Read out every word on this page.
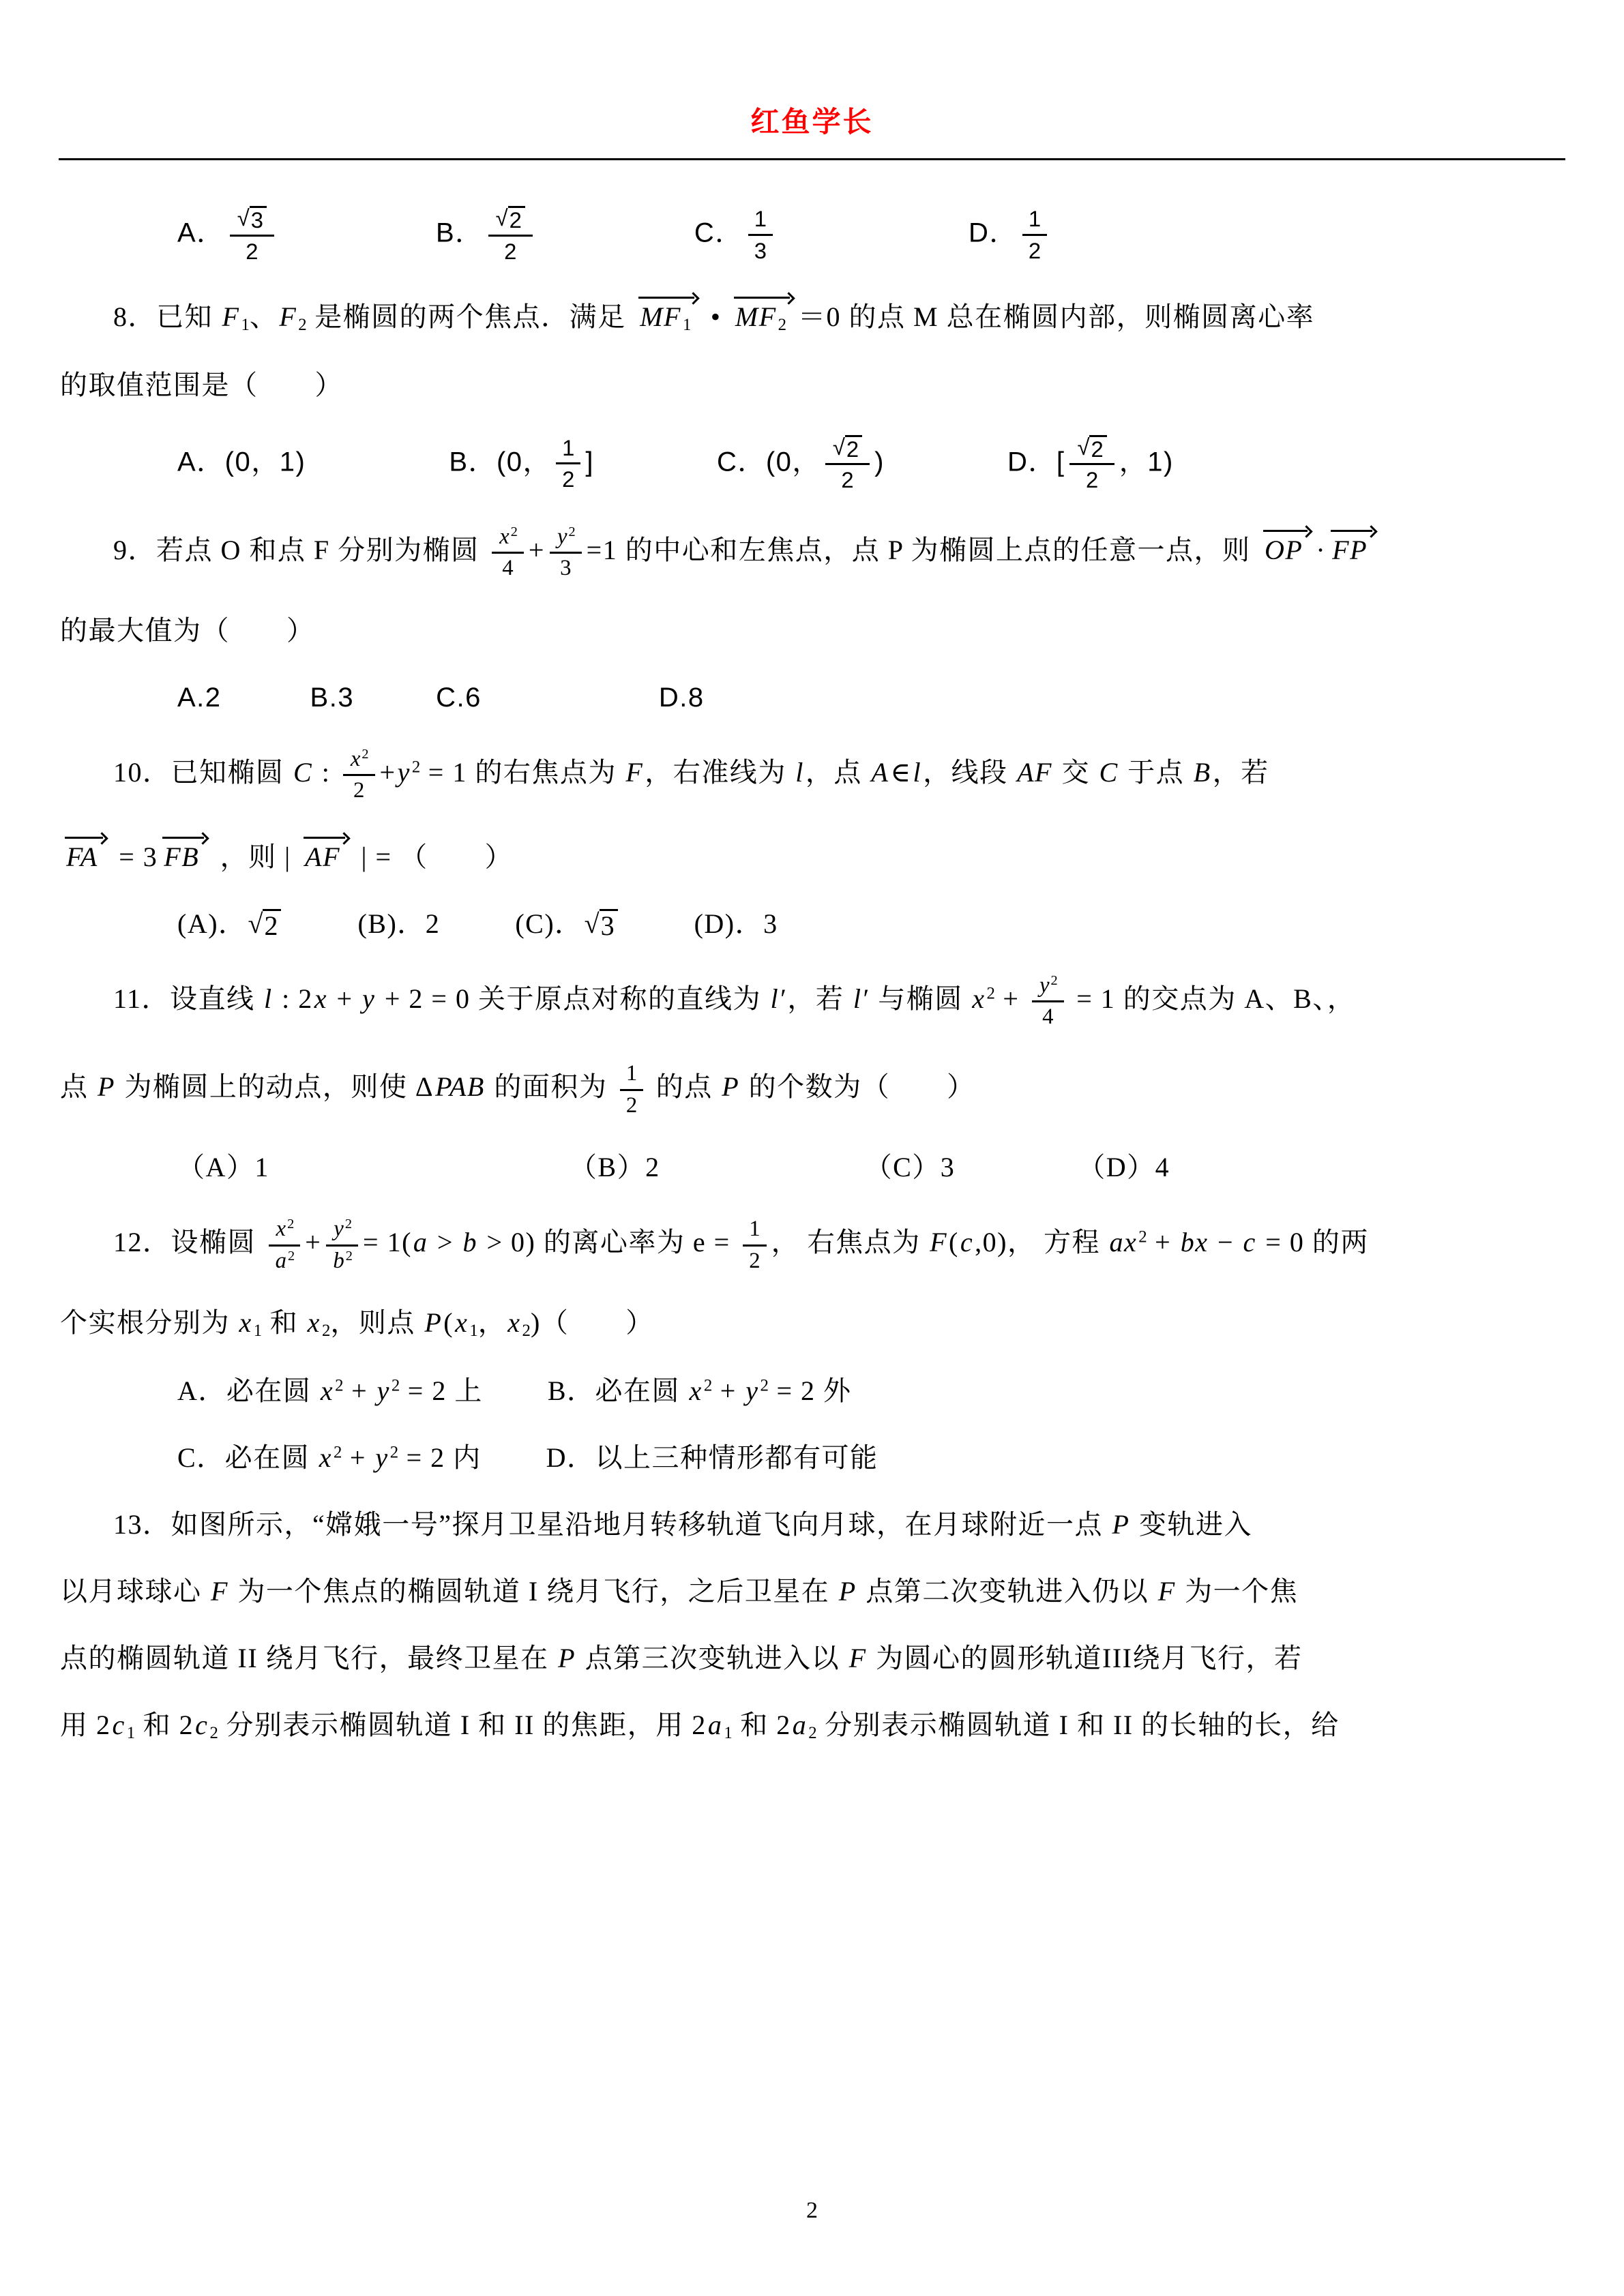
红鱼学长
A． $\frac{√ 3}{2}$	B． $\frac{√ 2}{2}$	C． $\frac{1}{3}$	D． $\frac{1}{2}$
8．已知 $F_1$、$F_2$ 是椭圆的两个焦点．满足 $MF_1$ • $MF_2 =0$ 的点 M 总在椭圆内部，则椭圆离心率
的取值范围是（　　）
A．(0，1)	B．(0， $\frac{1}{2}$ ]	C．(0， $\frac{√ 2}{2}$ )	D．[ $\frac{√ 2}{2}$ ，1)
9．若点 O 和点 F 分别为椭圆 $\frac{x^2}{4} + \frac{y^2}{3} =1$ 的中心和左焦点，点 P 为椭圆上点的任意一点，则 OP · FP
的最大值为（　　）
A.2	B.3	C.6	D.8
10．已知椭圆 C : $\frac{x^2}{2} +y^2 = 1$ 的右焦点为 F，右准线为 l，点 A∈l，线段 AF 交 C 于点 B，若
FA = 3 FB ，则 | AF | = （　　）
(A)． √ 2	(B)．2	(C)． √ 3	(D)．3
11．设直线 l : 2x + y + 2 = 0 关于原点对称的直线为 l′，若 l′ 与椭圆 $x^2 + \frac{y^2}{4} = 1$ 的交点为 A、B、，
点 P 为椭圆上的动点，则使 ΔPAB 的面积为 $\frac{1}{2}$ 的点 P 的个数为（　　）
（A）1	（B）2	（C）3	（D）4
12．设椭圆 $\frac{x^2}{a^2} + \frac{y^2}{b^2} = 1(a > b > 0)$ 的离心率为 $e = \frac{1}{2}$ ， 右焦点为 F(c,0)， 方程 $ax^2$ + bx − c = 0 的两
个实根分别为 $x_1$ 和 $x_2$，则点 $P(x_1$，$x_2$)（　　）
A．必在圆 $x^2 + y^2 = 2$ 上 B．必在圆 $x^2 + y^2 = 2$ 外
C．必在圆 $x^2 + y^2 = 2$ 内 D．以上三种情形都有可能
13．如图所示，“嫦娥一号”探月卫星沿地月转移轨道飞向月球，在月球附近一点 P 变轨进入
以月球球心 F 为一个焦点的椭圆轨道 I 绕月飞行，之后卫星在 P 点第二次变轨进入仍以 F 为一个焦
点的椭圆轨道 II 绕月飞行，最终卫星在 P 点第三次变轨进入以 F 为圆心的圆形轨道III绕月飞行，若
用 $2c_1$ 和 $2c_2$ 分别表示椭圆轨道 I 和 II 的焦距，用 $2a_1$ 和 $2a_2$ 分别表示椭圆轨道 I 和 II 的长轴的长，给
2
